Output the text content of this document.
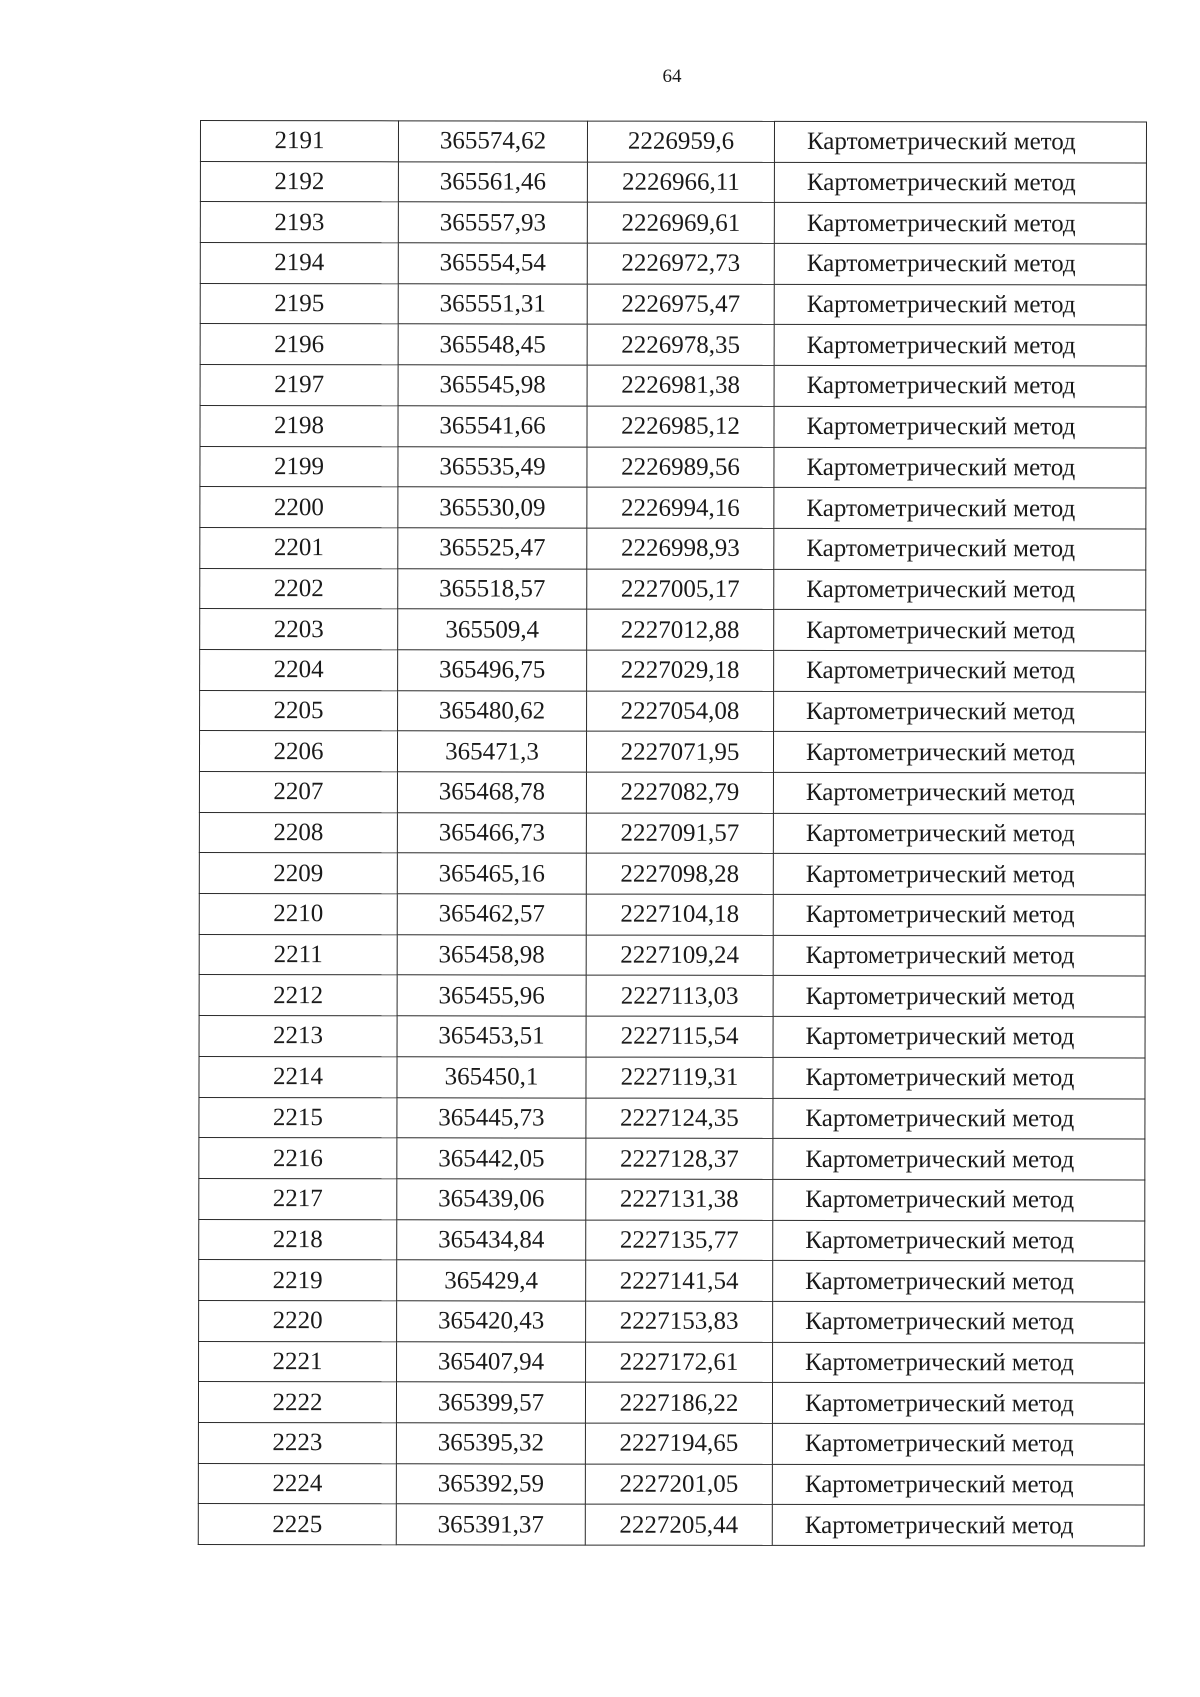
64
2191	365574,62	2226959,6	Картометрический метод
2192	365561,46	2226966,11	Картометрический метод
2193	365557,93	2226969,61	Картометрический метод
2194	365554,54	2226972,73	Картометрический метод
2195	365551,31	2226975,47	Картометрический метод
2196	365548,45	2226978,35	Картометрический метод
2197	365545,98	2226981,38	Картометрический метод
2198	365541,66	2226985,12	Картометрический метод
2199	365535,49	2226989,56	Картометрический метод
2200	365530,09	2226994,16	Картометрический метод
2201	365525,47	2226998,93	Картометрический метод
2202	365518,57	2227005,17	Картометрический метод
2203	365509,4	2227012,88	Картометрический метод
2204	365496,75	2227029,18	Картометрический метод
2205	365480,62	2227054,08	Картометрический метод
2206	365471,3	2227071,95	Картометрический метод
2207	365468,78	2227082,79	Картометрический метод
2208	365466,73	2227091,57	Картометрический метод
2209	365465,16	2227098,28	Картометрический метод
2210	365462,57	2227104,18	Картометрический метод
2211	365458,98	2227109,24	Картометрический метод
2212	365455,96	2227113,03	Картометрический метод
2213	365453,51	2227115,54	Картометрический метод
2214	365450,1	2227119,31	Картометрический метод
2215	365445,73	2227124,35	Картометрический метод
2216	365442,05	2227128,37	Картометрический метод
2217	365439,06	2227131,38	Картометрический метод
2218	365434,84	2227135,77	Картометрический метод
2219	365429,4	2227141,54	Картометрический метод
2220	365420,43	2227153,83	Картометрический метод
2221	365407,94	2227172,61	Картометрический метод
2222	365399,57	2227186,22	Картометрический метод
2223	365395,32	2227194,65	Картометрический метод
2224	365392,59	2227201,05	Картометрический метод
2225	365391,37	2227205,44	Картометрический метод
